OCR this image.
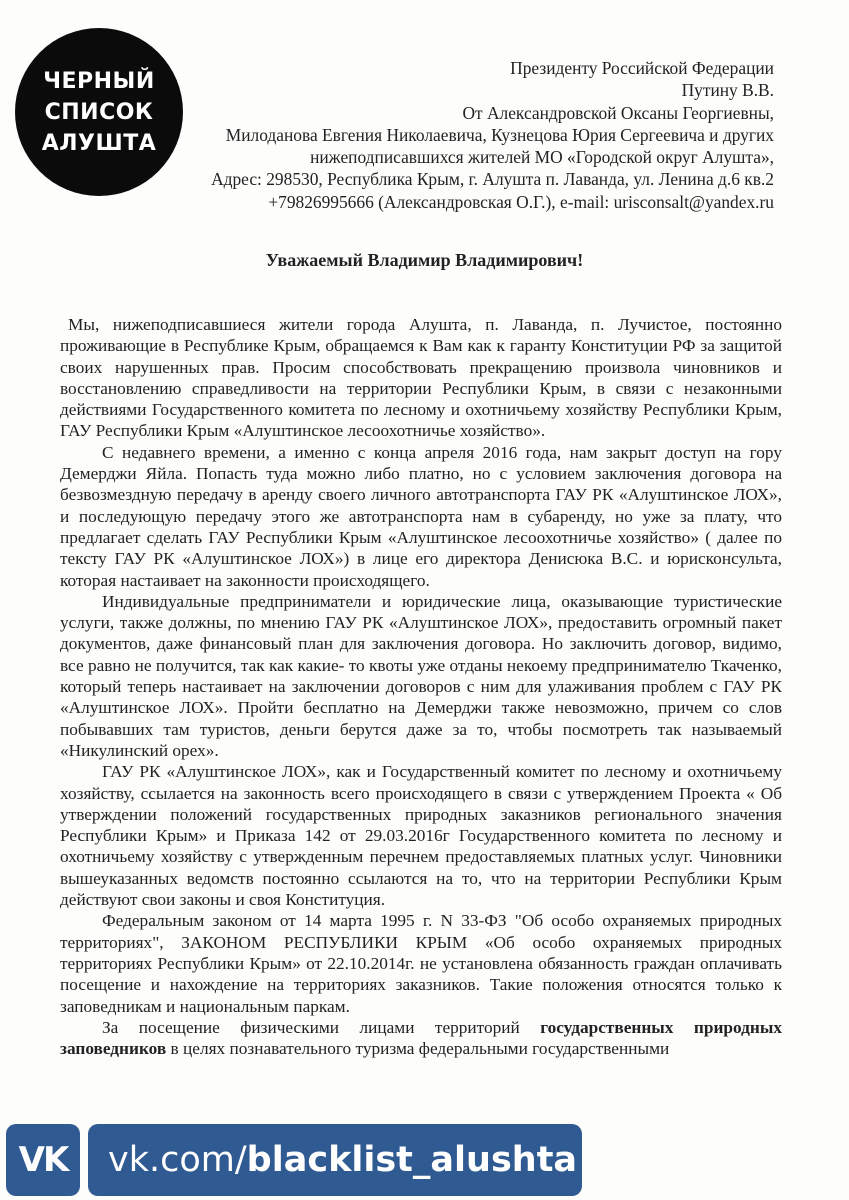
ЧЕРНЫЙ
СПИСОК
АЛУШТА
Президенту Российской Федерации
Путину В.В.
От Александровской Оксаны Георгиевны,
Милоданова Евгения Николаевича, Кузнецова Юрия Сергеевича и других
нижеподписавшихся жителей МО «Городской округ Алушта»,
Адрес: 298530, Республика Крым, г. Алушта п. Лаванда, ул. Ленина д.6 кв.2
+79826995666 (Александровская О.Г.), e-mail: urisconsalt@yandex.ru
Уважаемый Владимир Владимирович!

Мы, нижеподписавшиеся жители города Алушта, п. Лаванда, п. Лучистое, постоянно проживающие в Республике Крым, обращаемся к Вам как к гаранту Конституции РФ за защитой своих нарушенных прав. Просим способствовать прекращению произвола чиновников и восстановлению справедливости на территории Республики Крым, в связи с незаконными действиями Государственного комитета по лесному и охотничьему хозяйству Республики Крым, ГАУ Республики Крым «Алуштинское лесоохотничье хозяйство».

С недавнего времени, а именно с конца апреля 2016 года, нам закрыт доступ на гору Демерджи Яйла. Попасть туда можно либо платно, но с условием заключения договора на безвозмездную передачу в аренду своего личного автотранспорта ГАУ РК «Алуштинское ЛОХ», и последующую передачу этого же автотранспорта нам в субаренду, но уже за плату, что предлагает сделать ГАУ Республики Крым «Алуштинское лесоохотничье хозяйство» ( далее по тексту ГАУ РК «Алуштинское ЛОХ») в лице его директора Денисюка В.С. и юрисконсульта, которая настаивает на законности происходящего.

Индивидуальные предприниматели и юридические лица, оказывающие туристические услуги, также должны, по мнению ГАУ РК «Алуштинское ЛОХ», предоставить огромный пакет документов, даже финансовый план для заключения договора. Но заключить договор, видимо, все равно не получится, так как какие- то квоты уже отданы некоему предпринимателю Ткаченко, который теперь настаивает на заключении договоров с ним для улаживания проблем с ГАУ РК «Алуштинское ЛОХ». Пройти бесплатно на Демерджи также невозможно, причем со слов побывавших там туристов, деньги берутся даже за то, чтобы посмотреть так называемый «Никулинский орех».

ГАУ РК «Алуштинское ЛОХ», как и Государственный комитет по лесному и охотничьему хозяйству, ссылается на законность всего происходящего в связи с утверждением Проекта « Об утверждении положений государственных природных заказников регионального значения Республики Крым» и Приказа 142 от 29.03.2016г Государственного комитета по лесному и охотничьему хозяйству с утвержденным перечнем предоставляемых платных услуг. Чиновники вышеуказанных ведомств постоянно ссылаются на то, что на территории Республики Крым действуют свои законы и своя Конституция.

Федеральным законом от 14 марта 1995 г. N 33-ФЗ "Об особо охраняемых природных территориях", ЗАКОНОМ РЕСПУБЛИКИ КРЫМ «Об особо охраняемых природных территориях Республики Крым» от 22.10.2014г. не установлена обязанность граждан оплачивать посещение и нахождение на территориях заказников. Такие положения относятся только к заповедникам и национальным паркам.

За посещение физическими лицами территорий государственных природных заповедников в целях познавательного туризма федеральными государственными

VK vk.com/ blacklist_alushta
